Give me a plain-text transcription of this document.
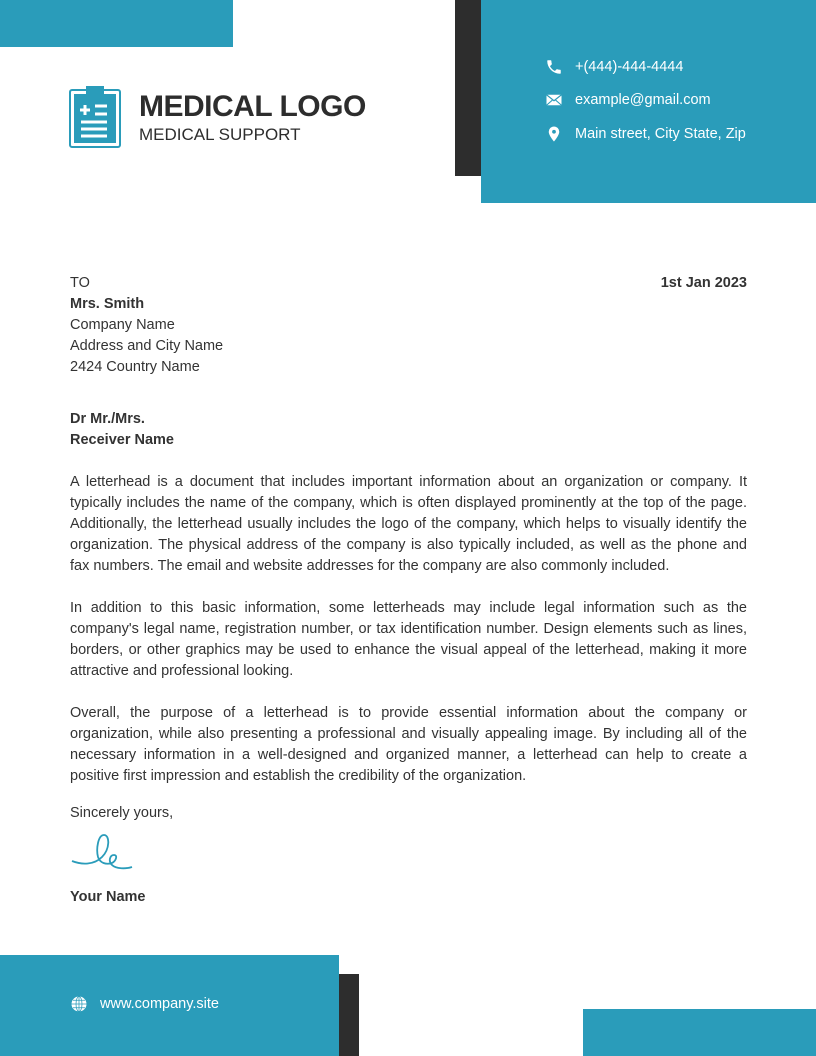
MEDICAL LOGO
MEDICAL SUPPORT
+(444)-444-4444
example@gmail.com
Main street, City State, Zip
TO
Mrs. Smith
Company Name
Address and City Name
2424 Country Name
1st Jan 2023
Dr Mr./Mrs.
Receiver Name
A letterhead is a document that includes important information about an organization or company. It typically includes the name of the company, which is often displayed prominently at the top of the page. Additionally, the letterhead usually includes the logo of the company, which helps to visually identify the organization. The physical address of the company is also typically included, as well as the phone and fax numbers. The email and website addresses for the company are also commonly included.
In addition to this basic information, some letterheads may include legal information such as the company's legal name, registration number, or tax identification number. Design elements such as lines, borders, or other graphics may be used to enhance the visual appeal of the letterhead, making it more attractive and professional looking.
Overall, the purpose of a letterhead is to provide essential information about the company or organization, while also presenting a professional and visually appealing image. By including all of the necessary information in a well-designed and organized manner, a letterhead can help to create a positive first impression and establish the credibility of the organization.
Sincerely yours,
Your Name
www.company.site
